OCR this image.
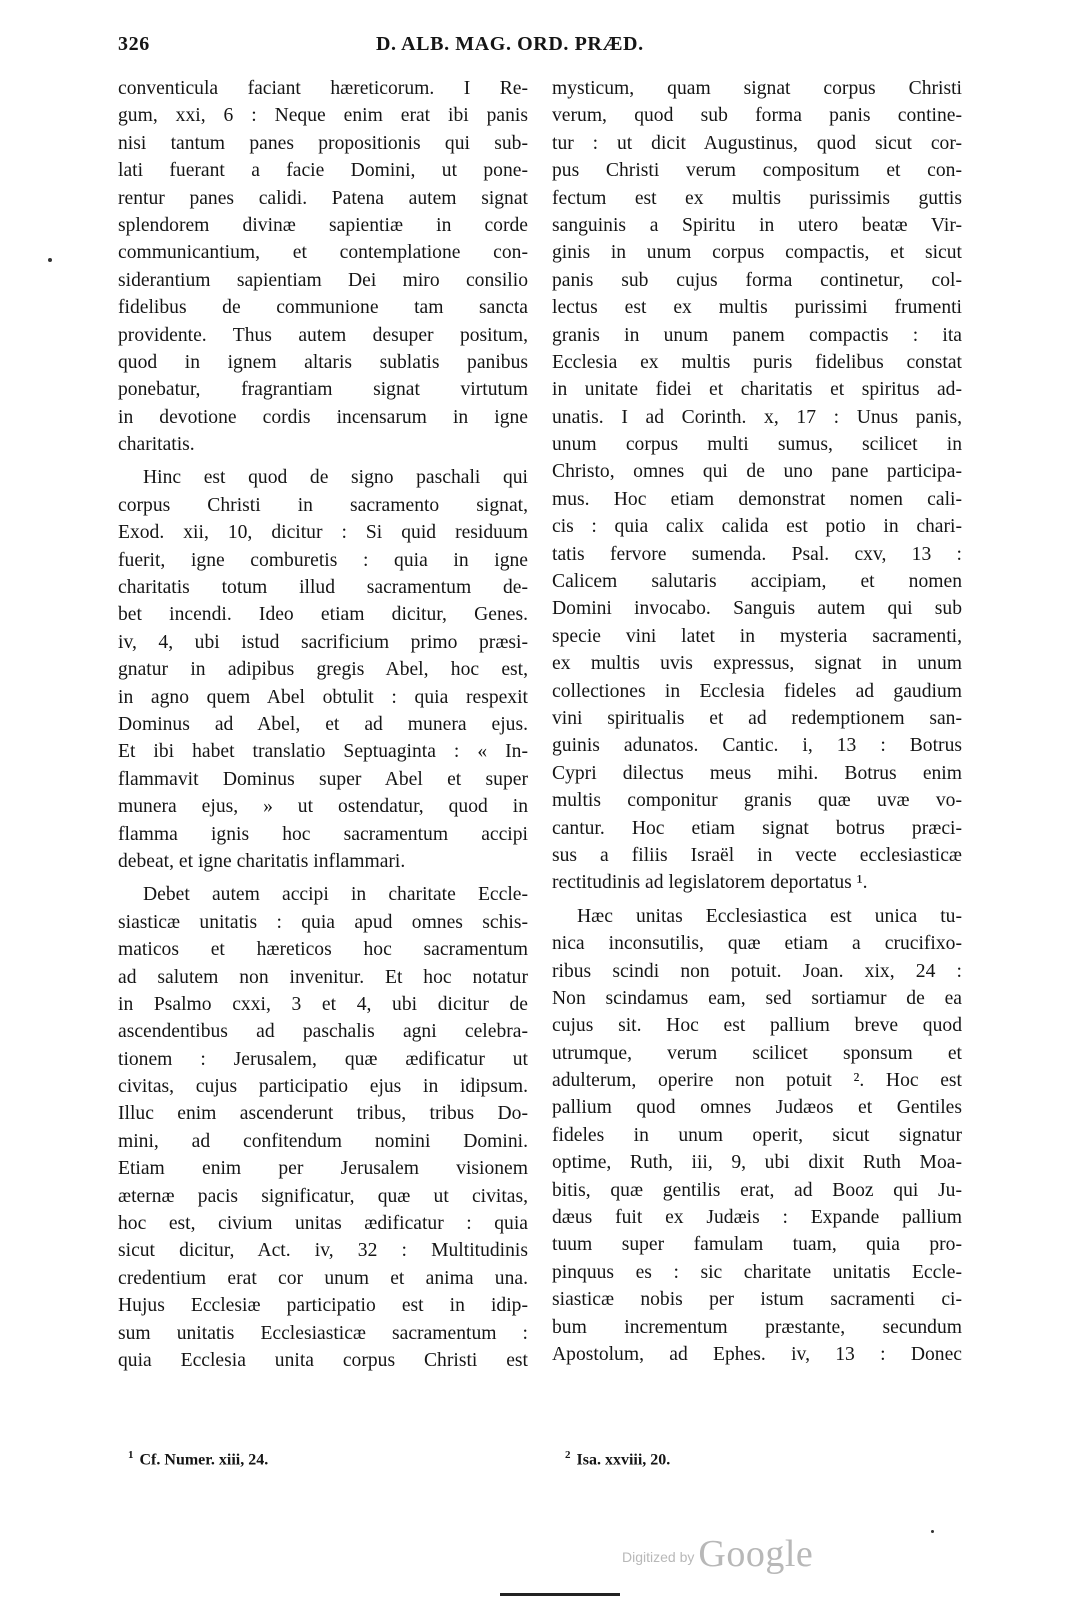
326	D. ALB. MAG. ORD. PRÆD.
conventicula faciant hæreticorum. I Re-
gum, xxi, 6 : Neque enim erat ibi panis
nisi tantum panes propositionis qui sub-
lati fuerant a facie Domini, ut pone-
rentur panes calidi. Patena autem signat
splendorem divinæ sapientiæ in corde
communicantium, et contemplatione con-
siderantium sapientiam Dei miro consilio
fidelibus de communione tam sancta
providente. Thus autem desuper positum,
quod in ignem altaris sublatis panibus
ponebatur, fragrantiam signat virtutum
in devotione cordis incensarum in igne
charitatis.
Hinc est quod de signo paschali qui
corpus Christi in sacramento signat,
Exod. xii, 10, dicitur : Si quid residuum
fuerit, igne comburetis : quia in igne
charitatis totum illud sacramentum de-
bet incendi. Ideo etiam dicitur, Genes.
iv, 4, ubi istud sacrificium primo præsi-
gnatur in adipibus gregis Abel, hoc est,
in agno quem Abel obtulit : quia respexit
Dominus ad Abel, et ad munera ejus.
Et ibi habet translatio Septuaginta : « In-
flammavit Dominus super Abel et super
munera ejus, » ut ostendatur, quod in
flamma ignis hoc sacramentum accipi
debeat, et igne charitatis inflammari.
Debet autem accipi in charitate Eccle-
siasticæ unitatis : quia apud omnes schis-
maticos et hæreticos hoc sacramentum
ad salutem non invenitur. Et hoc notatur
in Psalmo cxxi, 3 et 4, ubi dicitur de
ascendentibus ad paschalis agni celebra-
tionem : Jerusalem, quæ ædificatur ut
civitas, cujus participatio ejus in idipsum.
Illuc enim ascenderunt tribus, tribus Do-
mini, ad confitendum nomini Domini.
Etiam enim per Jerusalem visionem
æternæ pacis significatur, quæ ut civitas,
hoc est, civium unitas ædificatur : quia
sicut dicitur, Act. iv, 32 : Multitudinis
credentium erat cor unum et anima una.
Hujus Ecclesiæ participatio est in idip-
sum unitatis Ecclesiasticæ sacramentum :
quia Ecclesia unita corpus Christi est
mysticum, quam signat corpus Christi
verum, quod sub forma panis contine-
tur : ut dicit Augustinus, quod sicut cor-
pus Christi verum compositum et con-
fectum est ex multis purissimis guttis
sanguinis a Spiritu in utero beatæ Vir-
ginis in unum corpus compactis, et sicut
panis sub cujus forma continetur, col-
lectus est ex multis purissimi frumenti
granis in unum panem compactis : ita
Ecclesia ex multis puris fidelibus constat
in unitate fidei et charitatis et spiritus ad-
unatis. I ad Corinth. x, 17 : Unus panis,
unum corpus multi sumus, scilicet in
Christo, omnes qui de uno pane participa-
mus. Hoc etiam demonstrat nomen cali-
cis : quia calix calida est potio in chari-
tatis fervore sumenda. Psal. cxv, 13 :
Calicem salutaris accipiam, et nomen
Domini invocabo. Sanguis autem qui sub
specie vini latet in mysteria sacramenti,
ex multis uvis expressus, signat in unum
collectiones in Ecclesia fideles ad gaudium
vini spiritualis et ad redemptionem san-
guinis adunatos. Cantic. i, 13 : Botrus
Cypri dilectus meus mihi. Botrus enim
multis componitur granis quæ uvæ vo-
cantur. Hoc etiam signat botrus præci-
sus a filiis Israël in vecte ecclesiasticæ
rectitudinis ad legislatorem deportatus ¹.
Hæc unitas Ecclesiastica est unica tu-
nica inconsutilis, quæ etiam a crucifixo-
ribus scindi non potuit. Joan. xix, 24 :
Non scindamus eam, sed sortiamur de ea
cujus sit. Hoc est pallium breve quod
utrumque, verum scilicet sponsum et
adulterum, operire non potuit ². Hoc est
pallium quod omnes Judæos et Gentiles
fideles in unum operit, sicut signatur
optime, Ruth, iii, 9, ubi dixit Ruth Moa-
bitis, quæ gentilis erat, ad Booz qui Ju-
dæus fuit ex Judæis : Expande pallium
tuum super famulam tuam, quia pro-
pinquus es : sic charitate unitatis Eccle-
siasticæ nobis per istum sacramenti ci-
bum incrementum præstante, secundum
Apostolum, ad Ephes. iv, 13 : Donec
$^1$ Cf. Numer. xiii, 24.	$^2$ Isa. xxviii, 20.
Digitized by Google
